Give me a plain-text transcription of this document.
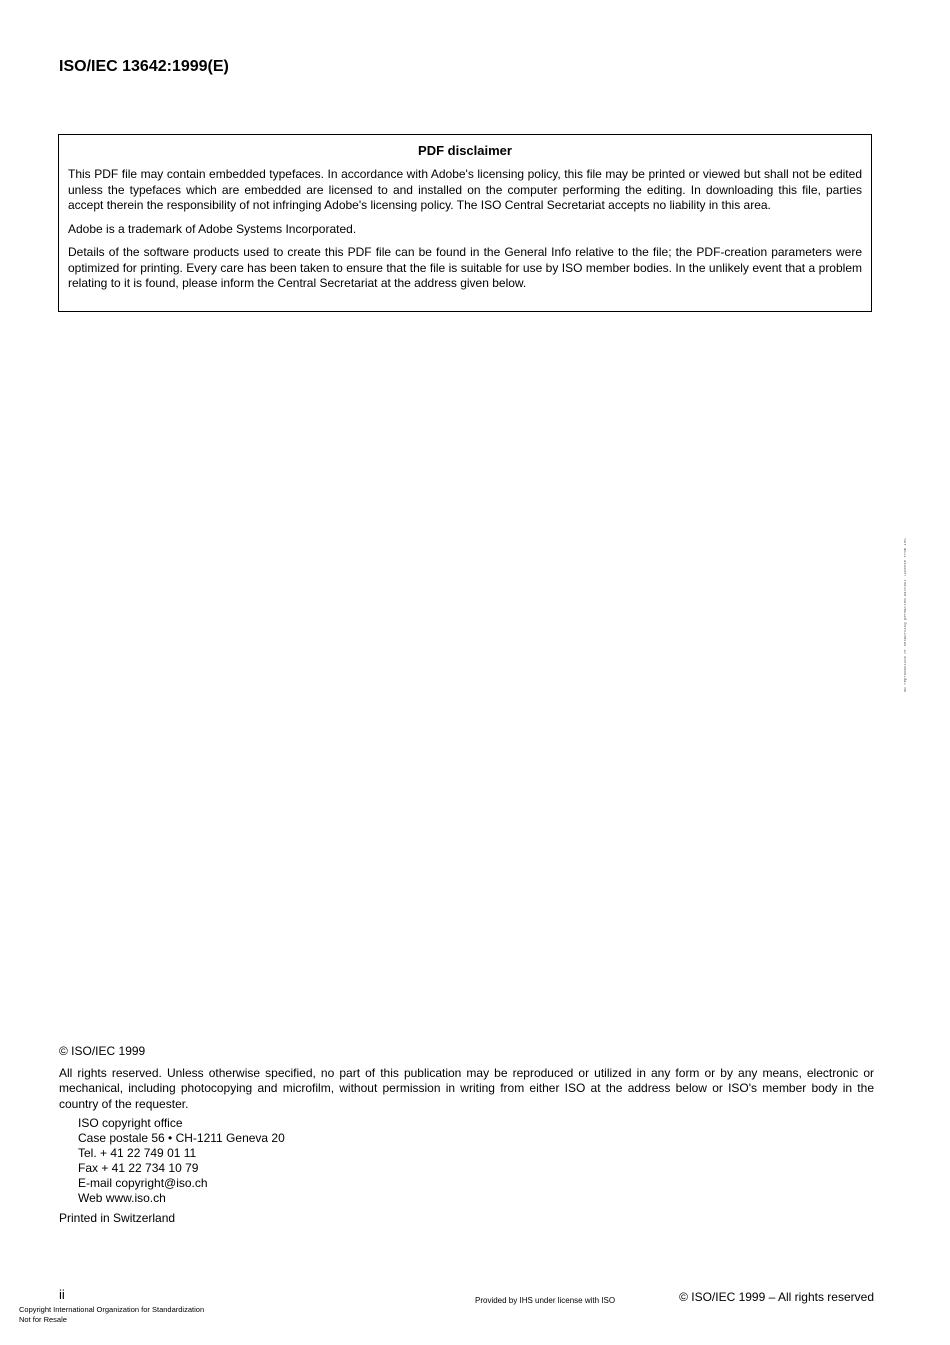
ISO/IEC 13642:1999(E)
PDF disclaimer

This PDF file may contain embedded typefaces. In accordance with Adobe's licensing policy, this file may be printed or viewed but shall not be edited unless the typefaces which are embedded are licensed to and installed on the computer performing the editing. In downloading this file, parties accept therein the responsibility of not infringing Adobe's licensing policy. The ISO Central Secretariat accepts no liability in this area.

Adobe is a trademark of Adobe Systems Incorporated.

Details of the software products used to create this PDF file can be found in the General Info relative to the file; the PDF-creation parameters were optimized for printing. Every care has been taken to ensure that the file is suitable for use by ISO member bodies. In the unlikely event that a problem relating to it is found, please inform the Central Secretariat at the address given below.

No reproduction or networking permitted without license from IHS
© ISO/IEC 1999
All rights reserved. Unless otherwise specified, no part of this publication may be reproduced or utilized in any form or by any means, electronic or mechanical, including photocopying and microfilm, without permission in writing from either ISO at the address below or ISO's member body in the country of the requester.
ISO copyright office
Case postale 56 • CH-1211 Geneva 20
Tel. + 41 22 749 01 11
Fax + 41 22 734 10 79
E-mail copyright@iso.ch
Web www.iso.ch
Printed in Switzerland
ii	Provided by IHS under license with ISO	© ISO/IEC 1999 – All rights reserved
Copyright International Organization for Standardization
Not for Resale
